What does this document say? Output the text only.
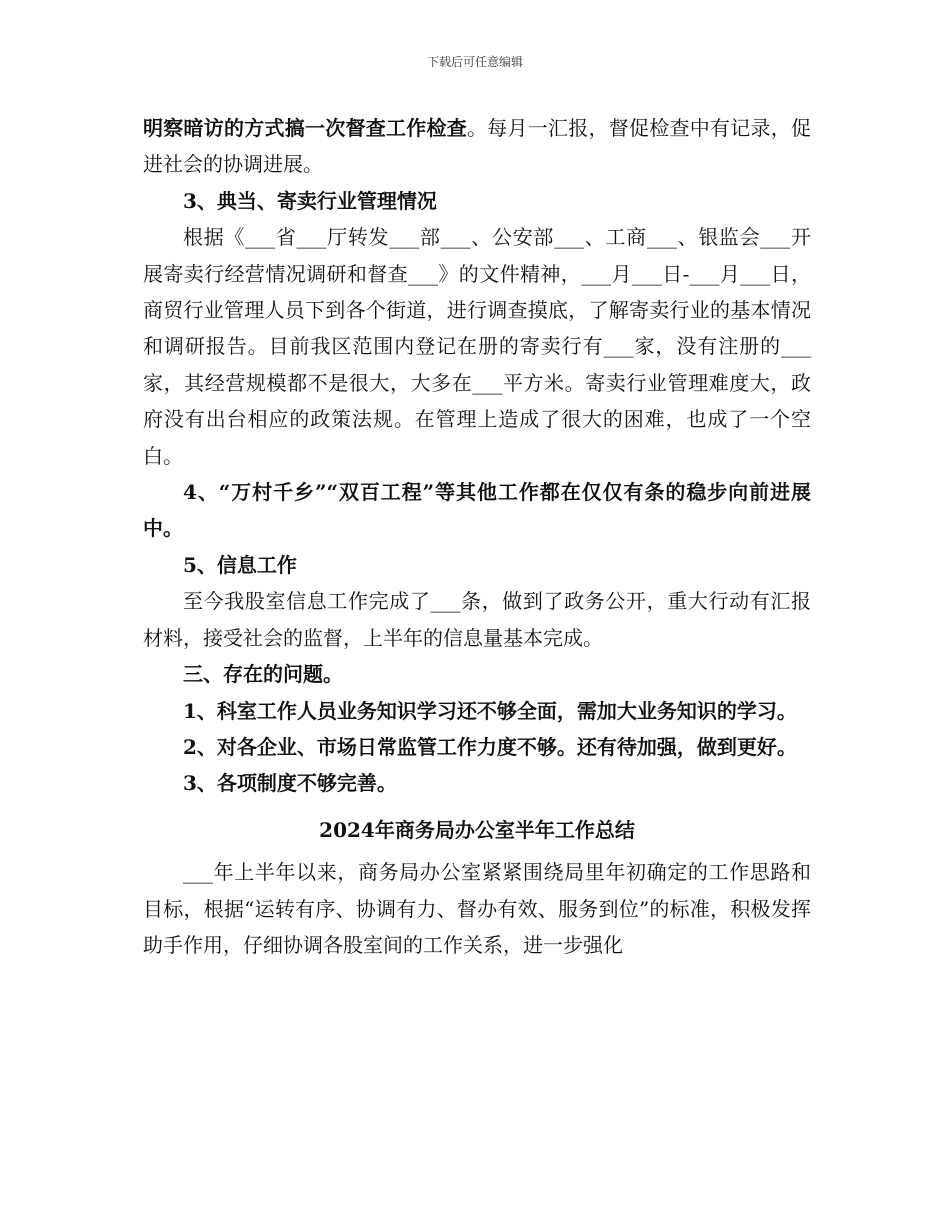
下载后可任意编辑

明察暗访的方式搞一次督查工作检查。每月一汇报，督促检查中有记录，促进社会的协调进展。

3、典当、寄卖行业管理情况

根据《___省___厅转发___部___、公安部___、工商___、银监会___开展寄卖行经营情况调研和督查___》的文件精神，___月___日-___月___日，商贸行业管理人员下到各个街道，进行调查摸底，了解寄卖行业的基本情况和调研报告。目前我区范围内登记在册的寄卖行有___家，没有注册的___家，其经营规模都不是很大，大多在___平方米。寄卖行业管理难度大，政府没有出台相应的政策法规。在管理上造成了很大的困难，也成了一个空白。

4、“万村千乡”“双百工程”等其他工作都在仅仅有条的稳步向前进展中。

5、信息工作

至今我股室信息工作完成了___条，做到了政务公开，重大行动有汇报材料，接受社会的监督，上半年的信息量基本完成。

三、存在的问题。

1、科室工作人员业务知识学习还不够全面，需加大业务知识的学习。

2、对各企业、市场日常监管工作力度不够。还有待加强，做到更好。

3、各项制度不够完善。

2024年商务局办公室半年工作总结

___年上半年以来，商务局办公室紧紧围绕局里年初确定的工作思路和目标，根据“运转有序、协调有力、督办有效、服务到位”的标准，积极发挥助手作用，仔细协调各股室间的工作关系，进一步强化
